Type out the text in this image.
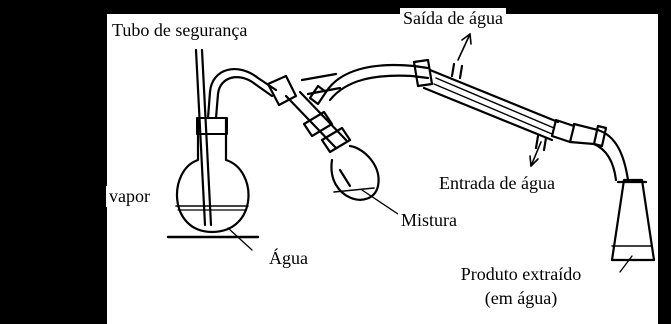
Tubo de segurança

Saída de água

vapor

Mistura

Entrada de água

Água

Produto extraído

(em água)
